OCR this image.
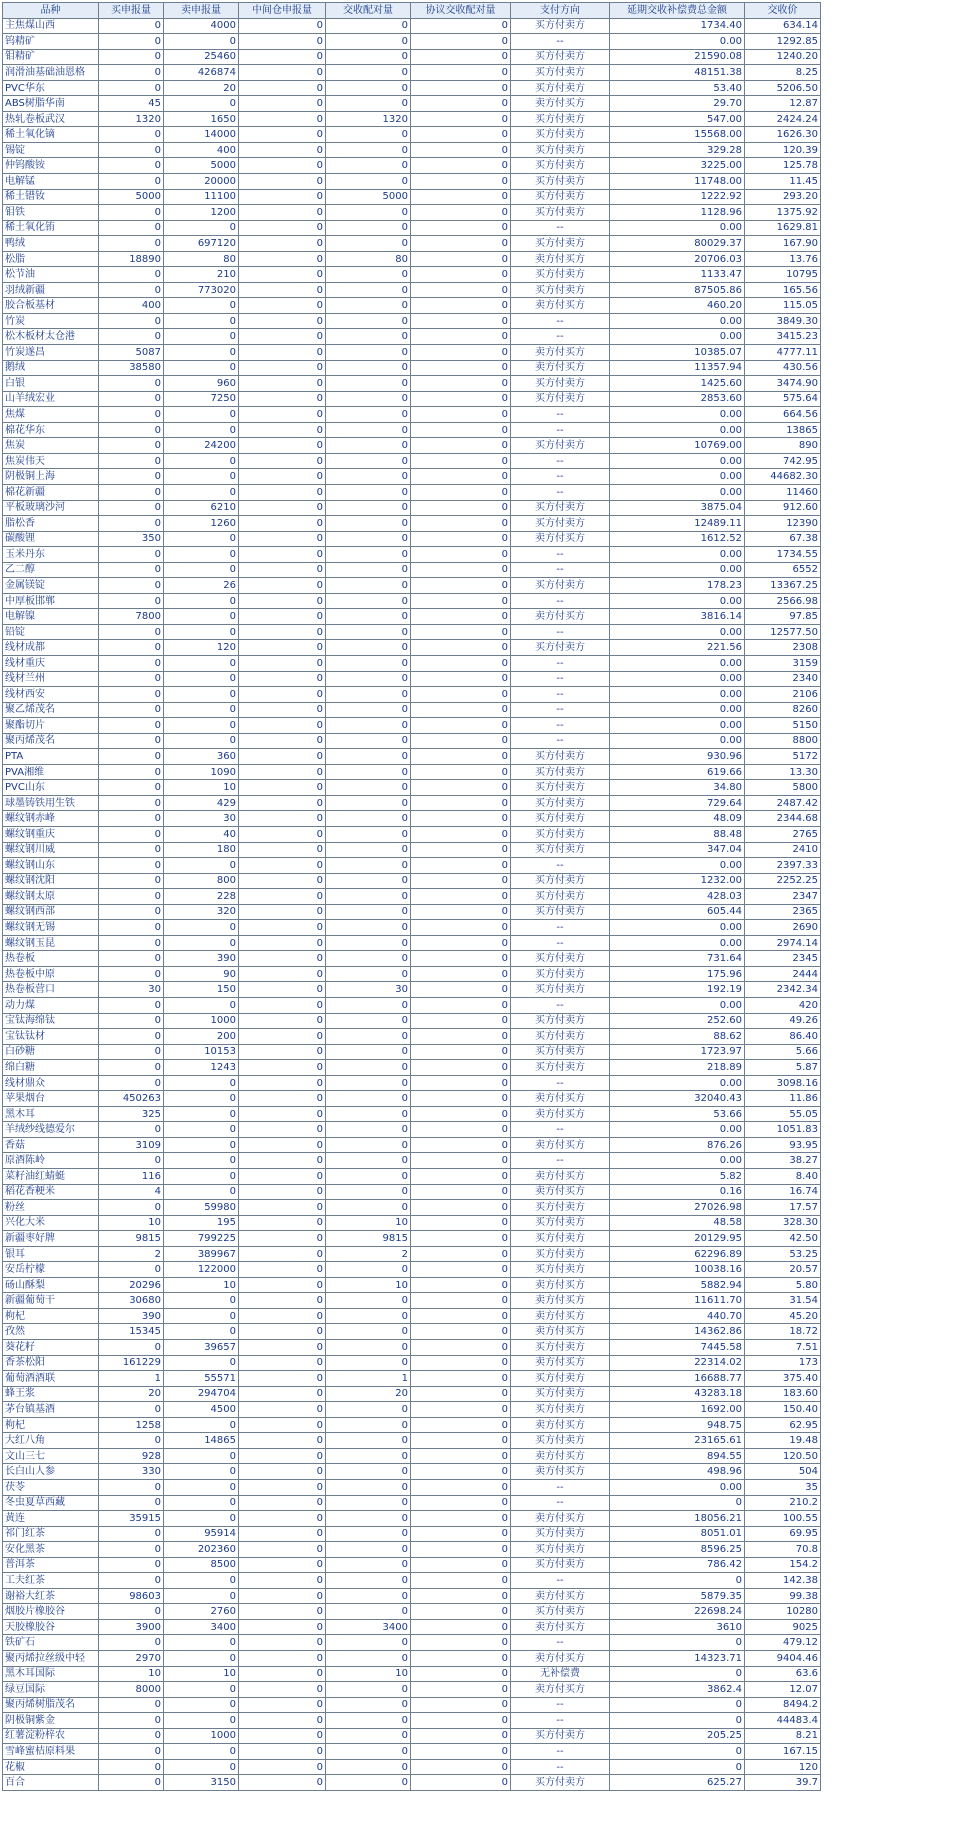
品种	买申报量	卖申报量	中间仓申报量	交收配对量	协议交收配对量	支付方向	延期交收补偿费总金额	交收价
主焦煤山西	0	4000	0	0	0	买方付卖方	1734.40	634.14
钨精矿	0	0	0	0	0	--	0.00	1292.85
钼精矿	0	25460	0	0	0	买方付卖方	21590.08	1240.20
润滑油基础油恩格	0	426874	0	0	0	买方付卖方	48151.38	8.25
PVC华东	0	20	0	0	0	买方付卖方	53.40	5206.50
ABS树脂华南	45	0	0	0	0	卖方付买方	29.70	12.87
热轧卷板武汉	1320	1650	0	1320	0	买方付卖方	547.00	2424.24
稀土氧化镝	0	14000	0	0	0	买方付卖方	15568.00	1626.30
锡锭	0	400	0	0	0	买方付卖方	329.28	120.39
仲钨酸铵	0	5000	0	0	0	买方付卖方	3225.00	125.78
电解锰	0	20000	0	0	0	买方付卖方	11748.00	11.45
稀土镨钕	5000	11100	0	5000	0	买方付卖方	1222.92	293.20
钼铁	0	1200	0	0	0	买方付卖方	1128.96	1375.92
稀土氧化铕	0	0	0	0	0	--	0.00	1629.81
鸭绒	0	697120	0	0	0	买方付卖方	80029.37	167.90
松脂	18890	80	0	80	0	卖方付买方	20706.03	13.76
松节油	0	210	0	0	0	买方付卖方	1133.47	10795
羽绒新疆	0	773020	0	0	0	买方付卖方	87505.86	165.56
胶合板基材	400	0	0	0	0	卖方付买方	460.20	115.05
竹炭	0	0	0	0	0	--	0.00	3849.30
松木板材太仓港	0	0	0	0	0	--	0.00	3415.23
竹炭遂昌	5087	0	0	0	0	卖方付买方	10385.07	4777.11
鹅绒	38580	0	0	0	0	卖方付买方	11357.94	430.56
白银	0	960	0	0	0	买方付卖方	1425.60	3474.90
山羊绒宏业	0	7250	0	0	0	买方付卖方	2853.60	575.64
焦煤	0	0	0	0	0	--	0.00	664.56
棉花华东	0	0	0	0	0	--	0.00	13865
焦炭	0	24200	0	0	0	买方付卖方	10769.00	890
焦炭伟天	0	0	0	0	0	--	0.00	742.95
阴极铜上海	0	0	0	0	0	--	0.00	44682.30
棉花新疆	0	0	0	0	0	--	0.00	11460
平板玻璃沙河	0	6210	0	0	0	买方付卖方	3875.04	912.60
脂松香	0	1260	0	0	0	买方付卖方	12489.11	12390
碳酸锂	350	0	0	0	0	卖方付买方	1612.52	67.38
玉米丹东	0	0	0	0	0	--	0.00	1734.55
乙二醇	0	0	0	0	0	--	0.00	6552
金属镁锭	0	26	0	0	0	买方付卖方	178.23	13367.25
中厚板邯郸	0	0	0	0	0	--	0.00	2566.98
电解镍	7800	0	0	0	0	卖方付买方	3816.14	97.85
铅锭	0	0	0	0	0	--	0.00	12577.50
线材成都	0	120	0	0	0	买方付卖方	221.56	2308
线材重庆	0	0	0	0	0	--	0.00	3159
线材兰州	0	0	0	0	0	--	0.00	2340
线材西安	0	0	0	0	0	--	0.00	2106
聚乙烯茂名	0	0	0	0	0	--	0.00	8260
聚酯切片	0	0	0	0	0	--	0.00	5150
聚丙烯茂名	0	0	0	0	0	--	0.00	8800
PTA	0	360	0	0	0	买方付卖方	930.96	5172
PVA湘维	0	1090	0	0	0	买方付卖方	619.66	13.30
PVC山东	0	10	0	0	0	买方付卖方	34.80	5800
球墨铸铁用生铁	0	429	0	0	0	买方付卖方	729.64	2487.42
螺纹钢赤峰	0	30	0	0	0	买方付卖方	48.09	2344.68
螺纹钢重庆	0	40	0	0	0	买方付卖方	88.48	2765
螺纹钢川威	0	180	0	0	0	买方付卖方	347.04	2410
螺纹钢山东	0	0	0	0	0	--	0.00	2397.33
螺纹钢沈阳	0	800	0	0	0	买方付卖方	1232.00	2252.25
螺纹钢太原	0	228	0	0	0	买方付卖方	428.03	2347
螺纹钢西部	0	320	0	0	0	买方付卖方	605.44	2365
螺纹钢无锡	0	0	0	0	0	--	0.00	2690
螺纹钢玉昆	0	0	0	0	0	--	0.00	2974.14
热卷板	0	390	0	0	0	买方付卖方	731.64	2345
热卷板中原	0	90	0	0	0	买方付卖方	175.96	2444
热卷板营口	30	150	0	30	0	买方付卖方	192.19	2342.34
动力煤	0	0	0	0	0	--	0.00	420
宝钛海绵钛	0	1000	0	0	0	买方付卖方	252.60	49.26
宝钛钛材	0	200	0	0	0	买方付卖方	88.62	86.40
白砂糖	0	10153	0	0	0	买方付卖方	1723.97	5.66
绵白糖	0	1243	0	0	0	买方付卖方	218.89	5.87
线材鼎众	0	0	0	0	0	--	0.00	3098.16
苹果烟台	450263	0	0	0	0	卖方付买方	32040.43	11.86
黑木耳	325	0	0	0	0	卖方付买方	53.66	55.05
羊绒纱线德爱尔	0	0	0	0	0	--	0.00	1051.83
香菇	3109	0	0	0	0	卖方付买方	876.26	93.95
原酒陈岭	0	0	0	0	0	--	0.00	38.27
菜籽油红蜻蜓	116	0	0	0	0	卖方付买方	5.82	8.40
稻花香粳米	4	0	0	0	0	卖方付买方	0.16	16.74
粉丝	0	59980	0	0	0	买方付卖方	27026.98	17.57
兴化大米	10	195	0	10	0	买方付卖方	48.58	328.30
新疆枣好牌	9815	799225	0	9815	0	买方付卖方	20129.95	42.50
银耳	2	389967	0	2	0	买方付卖方	62296.89	53.25
安岳柠檬	0	122000	0	0	0	买方付卖方	10038.16	20.57
砀山酥梨	20296	10	0	10	0	卖方付买方	5882.94	5.80
新疆葡萄干	30680	0	0	0	0	卖方付买方	11611.70	31.54
枸杞	390	0	0	0	0	卖方付买方	440.70	45.20
孜然	15345	0	0	0	0	卖方付买方	14362.86	18.72
葵花籽	0	39657	0	0	0	买方付卖方	7445.58	7.51
香茶松阳	161229	0	0	0	0	卖方付买方	22314.02	173
葡萄酒酒联	1	55571	0	1	0	买方付卖方	16688.77	375.40
蜂王浆	20	294704	0	20	0	买方付卖方	43283.18	183.60
茅台镇基酒	0	4500	0	0	0	买方付卖方	1692.00	150.40
枸杞	1258	0	0	0	0	卖方付买方	948.75	62.95
大红八角	0	14865	0	0	0	买方付卖方	23165.61	19.48
文山三七	928	0	0	0	0	卖方付买方	894.55	120.50
长白山人参	330	0	0	0	0	卖方付买方	498.96	504
茯苓	0	0	0	0	0	--	0.00	35
冬虫夏草西藏	0	0	0	0	0	--	0	210.2
黄连	35915	0	0	0	0	卖方付买方	18056.21	100.55
祁门红茶	0	95914	0	0	0	买方付卖方	8051.01	69.95
安化黑茶	0	202360	0	0	0	买方付卖方	8596.25	70.8
普洱茶	0	8500	0	0	0	买方付卖方	786.42	154.2
工夫红茶	0	0	0	0	0	--	0	142.38
谢裕大红茶	98603	0	0	0	0	卖方付买方	5879.35	99.38
烟胶片橡胶谷	0	2760	0	0	0	买方付卖方	22698.24	10280
天胶橡胶谷	3900	3400	0	3400	0	卖方付买方	3610	9025
铁矿石	0	0	0	0	0	--	0	479.12
聚丙烯拉丝级中轻	2970	0	0	0	0	卖方付买方	14323.71	9404.46
黑木耳国际	10	10	0	10	0	无补偿费	0	63.6
绿豆国际	8000	0	0	0	0	卖方付买方	3862.4	12.07
聚丙烯树脂茂名	0	0	0	0	0	--	0	8494.2
阴极铜紫金	0	0	0	0	0	--	0	44483.4
红薯淀粉梓农	0	1000	0	0	0	买方付卖方	205.25	8.21
雪峰蜜桔原料果	0	0	0	0	0	--	0	167.15
花椒	0	0	0	0	0	--	0	120
百合	0	3150	0	0	0	买方付卖方	625.27	39.7
